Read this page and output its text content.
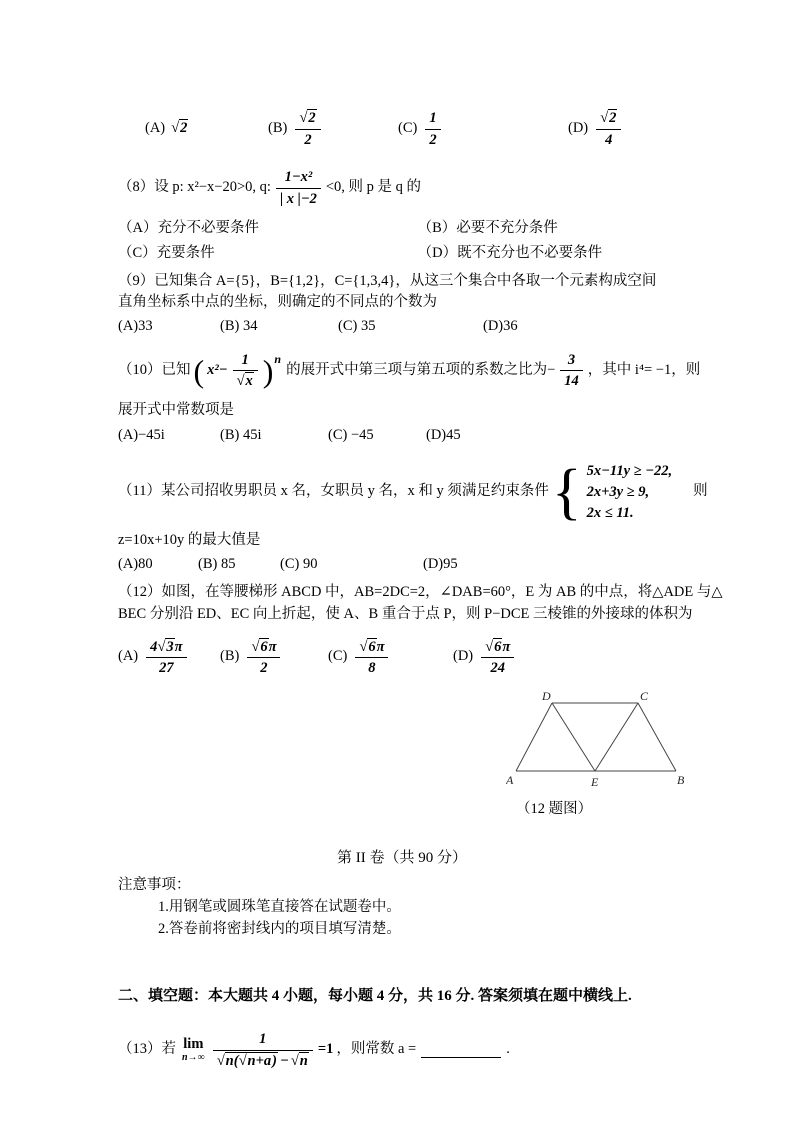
(A) √2	$(B) \frac{√2}{2}$	$(C) \frac{1}{2}$	$(D) \frac{√2}{4}$
（8）设 p: x²−x−20>0, q: $\frac{\text{1−x²}}{| x |-2} <0$, 则 p 是 q 的
（A）充分不必要条件	（B）必要不充分条件
（C）充要条件	（D）既不充分也不必要条件
（9）已知集合 A={5}，B={1,2}，C={1,3,4}，从这三个集合中各取一个元素构成空间
直角坐标系中点的坐标，则确定的不同点的个数为
(A)33	(B) 34	(C) 35	(D)36
（10）已知 ( $x^2- \frac{1}{√x}$ ) n
的展开式中第三项与第五项的系数之比为− $\frac{3}{14}$ ，其中 i⁴= −1，则
展开式中常数项是
(A)−45i	(B) 45i	(C) −45	(D)45
（11）某公司招收男职员 x 名，女职员 y 名，x 和 y 须满足约束条件 { 5x−11y ≥ −22,
2x+3y ≥ 9,
2x ≤ 11.
则
z=10x+10y 的最大值是
(A)80	(B) 85	(C) 90	(D)95
（12）如图，在等腰梯形 ABCD 中，AB=2DC=2，∠DAB=60°，E 为 AB 的中点，将△ADE 与△
BEC 分别沿 ED、EC 向上折起，使 A、B 重合于点 P，则 P−DCE 三棱锥的外接球的体积为
$(A) \frac{4√3\pi}{27} (B) \frac{√6\pi}{2}$	$(C) \frac{√6\pi}{8}$	$(D) \frac{√6\pi}{24}$
D	C
A	E	B
（12 题图）
第 II 卷（共 90 分）
注意事项：
1.用钢笔或圆珠笔直接答在试题卷中。
2.答卷前将密封线内的项目填写清楚。
二、填空题：本大题共 4 小题，每小题 4 分，共 16 分. 答案须填在题中横线上.
（13）若 lim
$n\to\infty \frac{1}{√n(√n+a) - √n} =1$ ，则常数 a =	.
